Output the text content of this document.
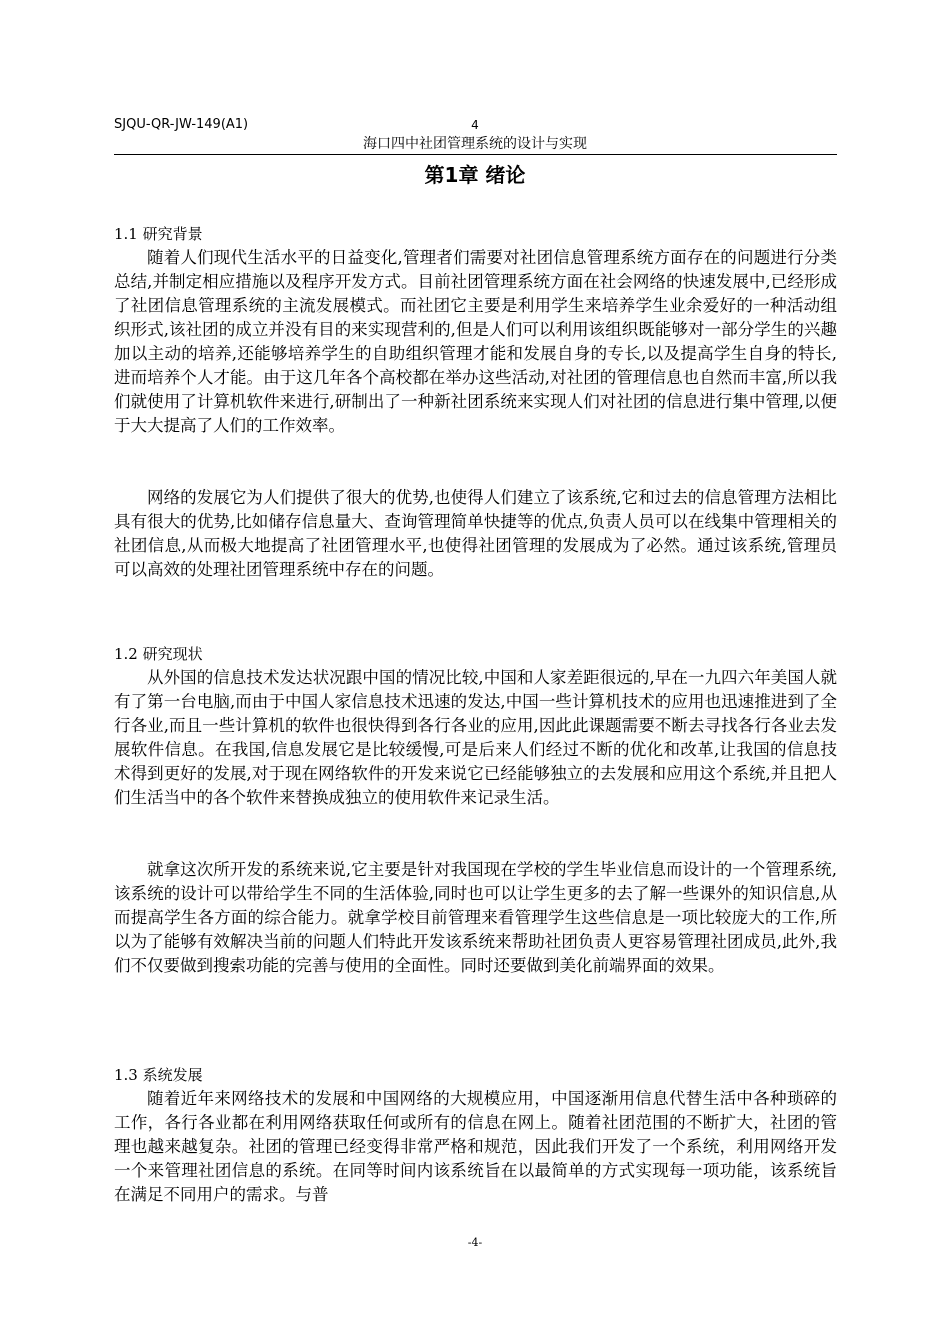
SJQU-QR-JW-149(A1)	4
海口四中社团管理系统的设计与实现
第1章 绪论
1.1 研究背景

随着人们现代生活水平的日益变化,管理者们需要对社团信息管理系统方面存在的问题进行分类总结,并制定相应措施以及程序开发方式。目前社团管理系统方面在社会网络的快速发展中,已经形成了社团信息管理系统的主流发展模式。而社团它主要是利用学生来培养学生业余爱好的一种活动组织形式,该社团的成立并没有目的来实现营利的,但是人们可以利用该组织既能够对一部分学生的兴趣加以主动的培养,还能够培养学生的自助组织管理才能和发展自身的专长,以及提高学生自身的特长,进而培养个人才能。由于这几年各个高校都在举办这些活动,对社团的管理信息也自然而丰富,所以我们就使用了计算机软件来进行,研制出了一种新社团系统来实现人们对社团的信息进行集中管理,以便于大大提高了人们的工作效率。

网络的发展它为人们提供了很大的优势,也使得人们建立了该系统,它和过去的信息管理方法相比具有很大的优势,比如储存信息量大、查询管理简单快捷等的优点,负责人员可以在线集中管理相关的社团信息,从而极大地提高了社团管理水平,也使得社团管理的发展成为了必然。通过该系统,管理员可以高效的处理社团管理系统中存在的问题。

1.2 研究现状

从外国的信息技术发达状况跟中国的情况比较,中国和人家差距很远的,早在一九四六年美国人就有了第一台电脑,而由于中国人家信息技术迅速的发达,中国一些计算机技术的应用也迅速推进到了全行各业,而且一些计算机的软件也很快得到各行各业的应用,因此此课题需要不断去寻找各行各业去发展软件信息。在我国,信息发展它是比较缓慢,可是后来人们经过不断的优化和改革,让我国的信息技术得到更好的发展,对于现在网络软件的开发来说它已经能够独立的去发展和应用这个系统,并且把人们生活当中的各个软件来替换成独立的使用软件来记录生活。

就拿这次所开发的系统来说,它主要是针对我国现在学校的学生毕业信息而设计的一个管理系统,该系统的设计可以带给学生不同的生活体验,同时也可以让学生更多的去了解一些课外的知识信息,从而提高学生各方面的综合能力。就拿学校目前管理来看管理学生这些信息是一项比较庞大的工作,所以为了能够有效解决当前的问题人们特此开发该系统来帮助社团负责人更容易管理社团成员,此外,我们不仅要做到搜索功能的完善与使用的全面性。同时还要做到美化前端界面的效果。

1.3 系统发展

随着近年来网络技术的发展和中国网络的大规模应用，中国逐渐用信息代替生活中各种琐碎的工作，各行各业都在利用网络获取任何或所有的信息在网上。随着社团范围的不断扩大，社团的管理也越来越复杂。社团的管理已经变得非常严格和规范，因此我们开发了一个系统，利用网络开发一个来管理社团信息的系统。在同等时间内该系统旨在以最简单的方式实现每一项功能，该系统旨在满足不同用户的需求。与普

-4-
